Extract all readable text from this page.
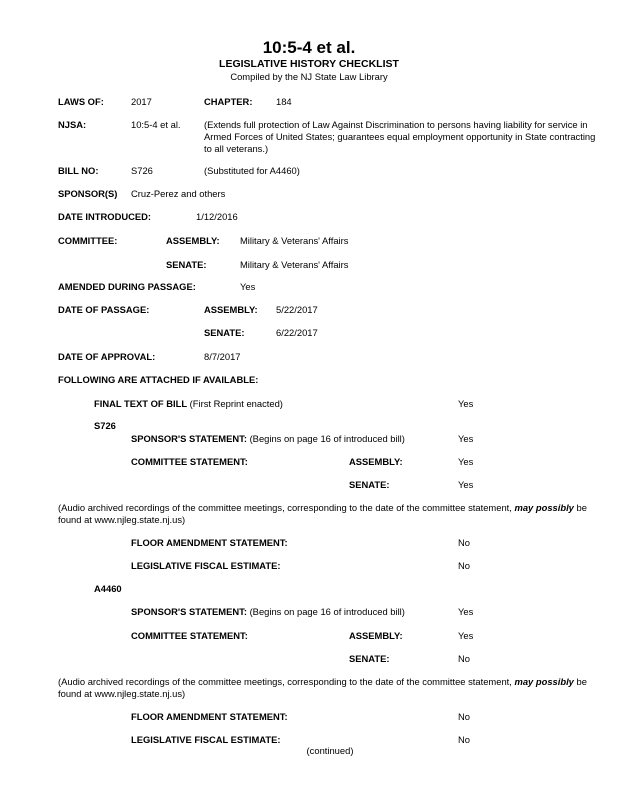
10:5-4 et al.
LEGISLATIVE HISTORY CHECKLIST
Compiled by the NJ State Law Library
LAWS OF:	2017	CHAPTER:	184
NJSA:	10:5-4 et al. (Extends full protection of Law Against Discrimination to persons having liability for service in Armed Forces of United States; guarantees equal employment opportunity in State contracting to all veterans.)
BILL NO:	S726	(Substituted for A4460)
SPONSOR(S) Cruz-Perez and others
DATE INTRODUCED:	1/12/2016
COMMITTEE:	ASSEMBLY: Military & Veterans' Affairs
SENATE:	Military & Veterans' Affairs
AMENDED DURING PASSAGE:	Yes
DATE OF PASSAGE:	ASSEMBLY: 5/22/2017
SENATE:	6/22/2017
DATE OF APPROVAL:	8/7/2017
FOLLOWING ARE ATTACHED IF AVAILABLE:
FINAL TEXT OF BILL (First Reprint enacted)	Yes
S726
SPONSOR'S STATEMENT: (Begins on page 16 of introduced bill)	Yes
COMMITTEE STATEMENT:	ASSEMBLY:	Yes
SENATE:	Yes
(Audio archived recordings of the committee meetings, corresponding to the date of the committee statement, may possibly be found at www.njleg.state.nj.us)
FLOOR AMENDMENT STATEMENT:	No
LEGISLATIVE FISCAL ESTIMATE:	No
A4460
SPONSOR'S STATEMENT: (Begins on page 16 of introduced bill)	Yes
COMMITTEE STATEMENT:	ASSEMBLY:	Yes
SENATE:	No
(Audio archived recordings of the committee meetings, corresponding to the date of the committee statement, may possibly be found at www.njleg.state.nj.us)
FLOOR AMENDMENT STATEMENT:	No
LEGISLATIVE FISCAL ESTIMATE:	No
(continued)
